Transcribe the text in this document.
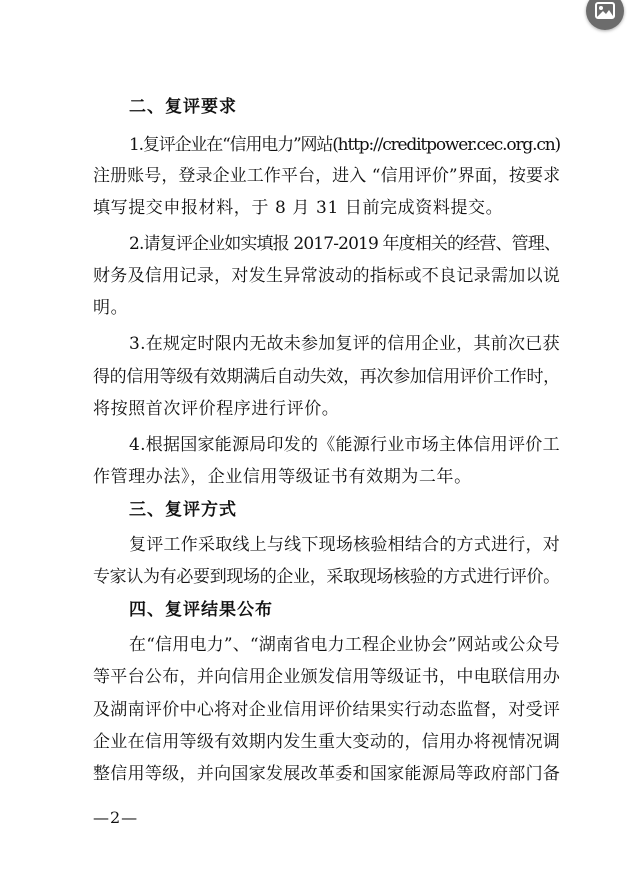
二、复评要求
1.复评企业在“信用电力”网站(http://creditpower.cec.org.cn)
注册账号，登录企业工作平台，进入 “信用评价”界面，按要求
填写提交申报材料，于 8 月 31 日前完成资料提交。
2.请复评企业如实填报 2017-2019 年度相关的经营、管理、
财务及信用记录，对发生异常波动的指标或不良记录需加以说
明。
3.在规定时限内无故未参加复评的信用企业，其前次已获
得的信用等级有效期满后自动失效，再次参加信用评价工作时，
将按照首次评价程序进行评价。
4.根据国家能源局印发的《能源行业市场主体信用评价工
作管理办法》，企业信用等级证书有效期为二年。
三、复评方式
复评工作采取线上与线下现场核验相结合的方式进行，对
专家认为有必要到现场的企业，采取现场核验的方式进行评价。
四、复评结果公布
在“信用电力”、“湖南省电力工程企业协会”网站或公众号
等平台公布，并向信用企业颁发信用等级证书，中电联信用办
及湖南评价中心将对企业信用评价结果实行动态监督，对受评
企业在信用等级有效期内发生重大变动的，信用办将视情况调
整信用等级，并向国家发展改革委和国家能源局等政府部门备
—2—
